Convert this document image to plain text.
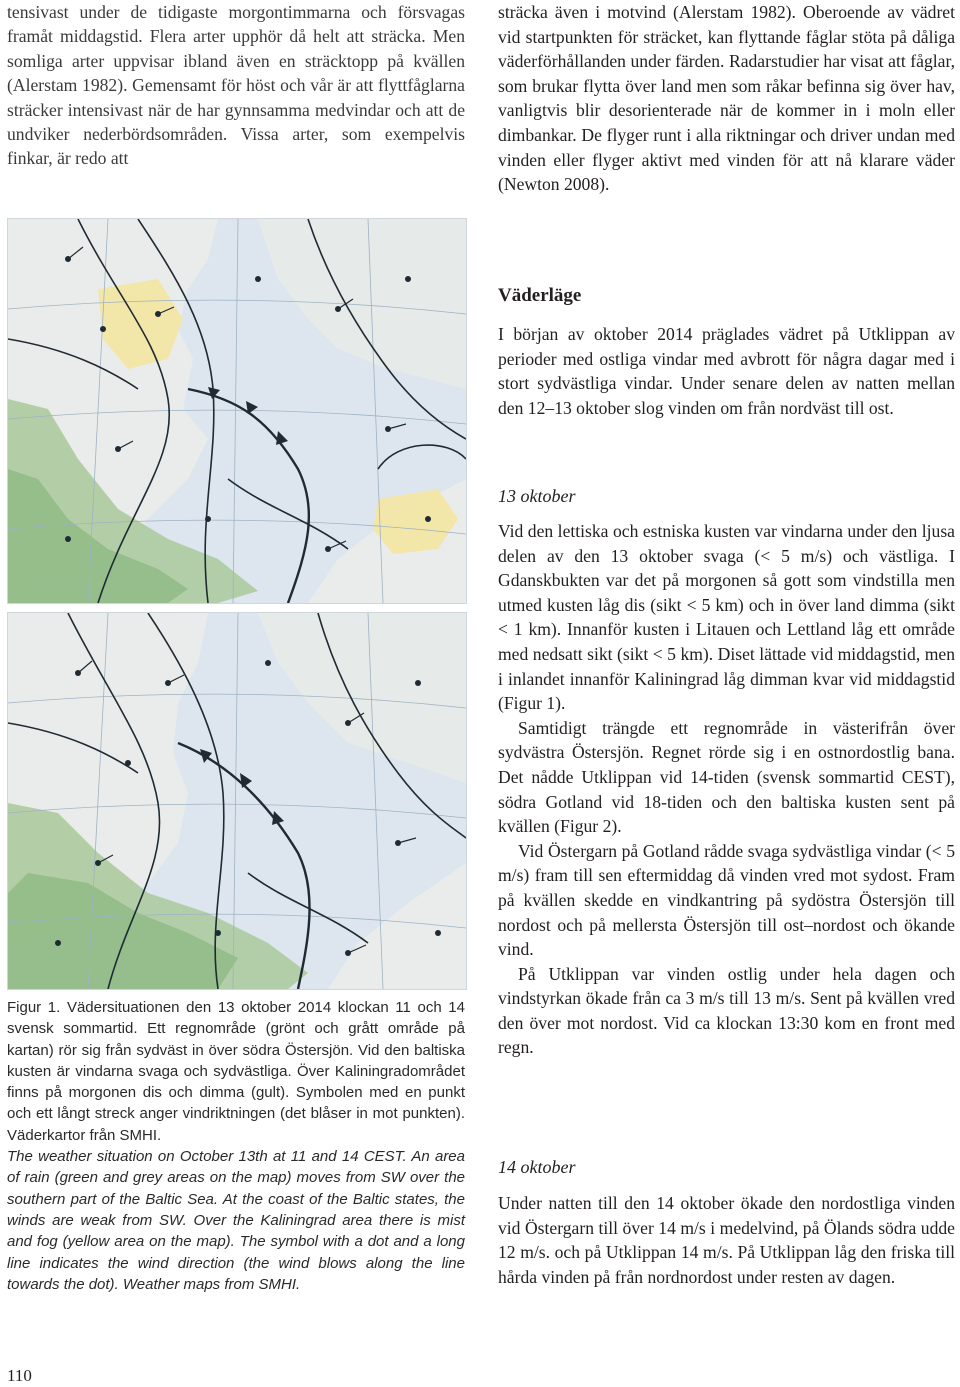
tensivast under de tidigaste morgontimmarna och försvagas framåt middagstid. Flera arter upphör då helt att sträcka. Men somliga arter uppvisar ibland även en sträcktopp på kvällen (Alerstam 1982). Gemensamt för höst och vår är att flyttfåglarna sträcker intensivast när de har gynnsamma medvindar och att de undviker nederbördsområden. Vissa arter, som exempelvis finkar, är redo att

Figur 1. Vädersituationen den 13 oktober 2014 klockan 11 och 14 svensk sommartid. Ett regnområde (grönt och grått område på kartan) rör sig från sydväst in över södra Östersjön. Vid den baltiska kusten är vindarna svaga och sydvästliga. Över Kaliningradområdet finns på morgonen dis och dimma (gult). Symbolen med en punkt och ett långt streck anger vindriktningen (det blåser in mot punkten). Väderkartor från SMHI.

The weather situation on October 13th at 11 and 14 CEST. An area of rain (green and grey areas on the map) moves from SW over the southern part of the Baltic Sea. At the coast of the Baltic states, the winds are weak from SW. Over the Kaliningrad area there is mist and fog (yellow area on the map). The symbol with a dot and a long line indicates the wind direction (the wind blows along the line towards the dot). Weather maps from SMHI.

110

sträcka även i motvind (Alerstam 1982). Oberoende av vädret vid startpunkten för sträcket, kan flyttande fåglar stöta på dåliga väderförhållanden under färden. Radarstudier har visat att fåglar, som brukar flytta över land men som råkar befinna sig över hav, vanligtvis blir desorienterade när de kommer in i moln eller dimbankar. De flyger runt i alla riktningar och driver undan med vinden eller flyger aktivt med vinden för att nå klarare väder (Newton 2008).

Väderläge

I början av oktober 2014 präglades vädret på Utklippan av perioder med ostliga vindar med avbrott för några dagar med i stort sydvästliga vindar. Under senare delen av natten mellan den 12–13 oktober slog vinden om från nordväst till ost.

13 oktober

Vid den lettiska och estniska kusten var vindarna under den ljusa delen av den 13 oktober svaga (< 5 m/s) och västliga. I Gdanskbukten var det på morgonen så gott som vindstilla men utmed kusten låg dis (sikt < 5 km) och in över land dimma (sikt < 1 km). Innanför kusten i Litauen och Lettland låg ett område med nedsatt sikt (sikt < 5 km). Diset lättade vid middagstid, men i inlandet innanför Kaliningrad låg dimman kvar vid middagstid (Figur 1).

Samtidigt trängde ett regnområde in västerifrån över sydvästra Östersjön. Regnet rörde sig i en ostnordostlig bana. Det nådde Utklippan vid 14-tiden (svensk sommartid CEST), södra Gotland vid 18-tiden och den baltiska kusten sent på kvällen (Figur 2).

Vid Östergarn på Gotland rådde svaga sydvästliga vindar (< 5 m/s) fram till sen eftermiddag då vinden vred mot sydost. Fram på kvällen skedde en vindkantring på sydöstra Östersjön till nordost och på mellersta Östersjön till ost–nordost och ökande vind.

På Utklippan var vinden ostlig under hela dagen och vindstyrkan ökade från ca 3 m/s till 13 m/s. Sent på kvällen vred den över mot nordost. Vid ca klockan 13:30 kom en front med regn.

14 oktober

Under natten till den 14 oktober ökade den nordostliga vinden vid Östergarn till över 14 m/s i medelvind, på Ölands södra udde 12 m/s. och på Utklippan 14 m/s. På Utklippan låg den friska till hårda vinden på från nordnordost under resten av dagen.
